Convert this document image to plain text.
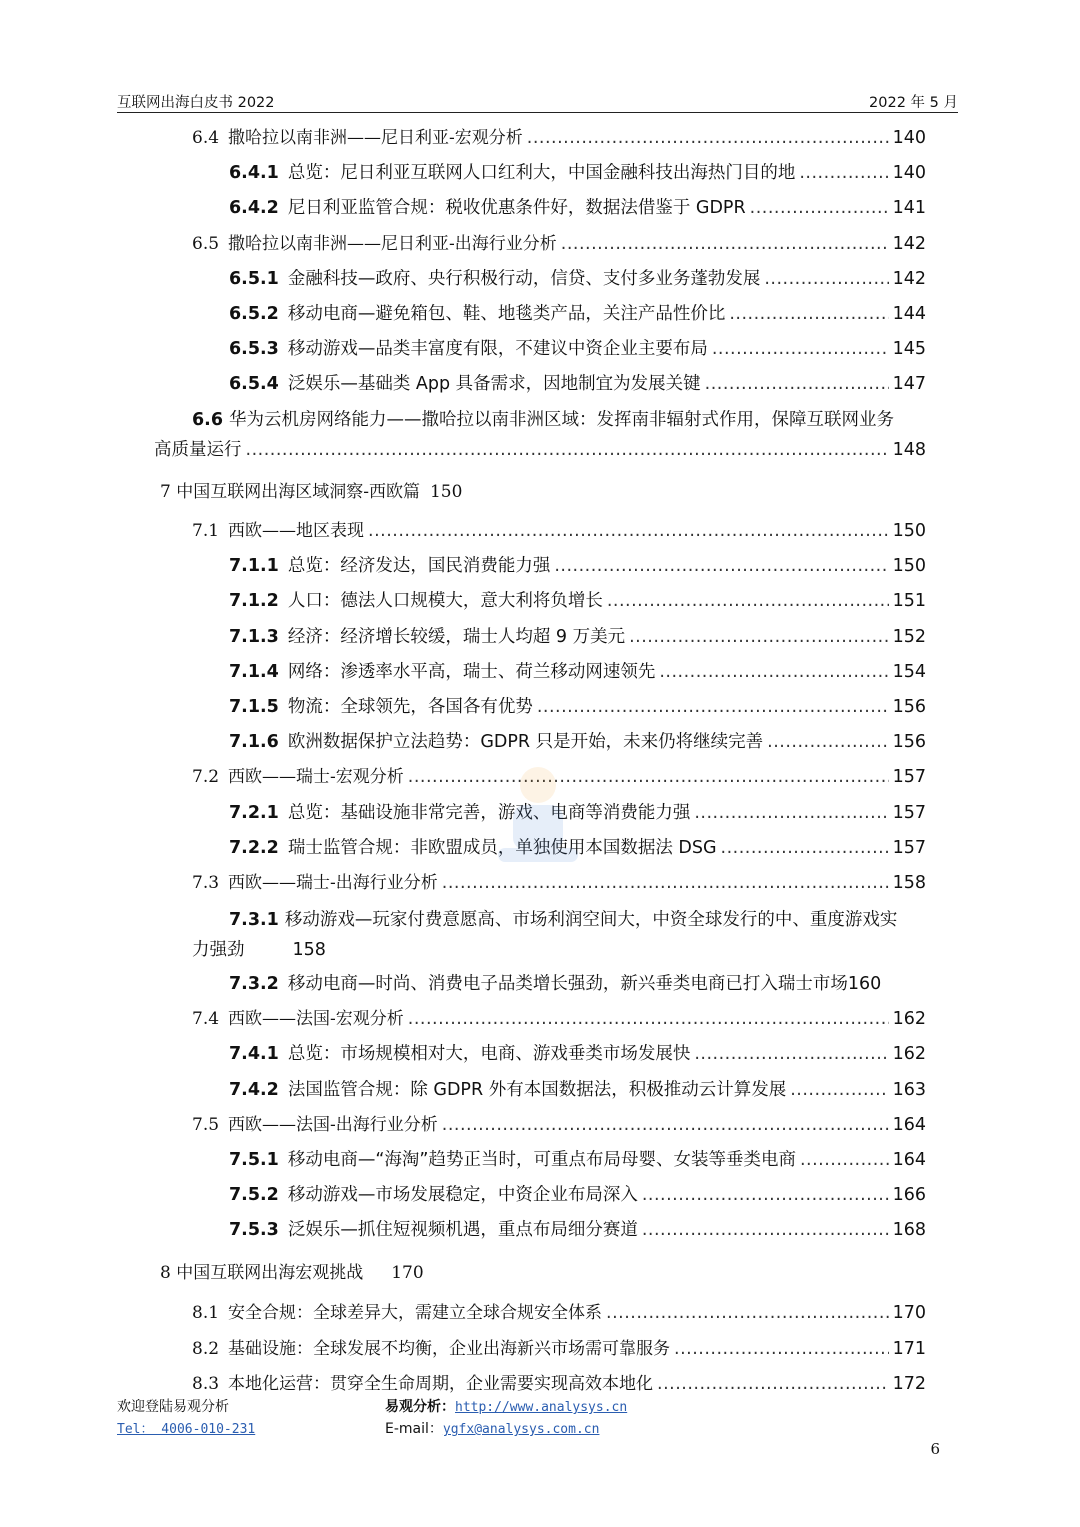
互联网出海白皮书 2022	2022 年 5 月
6.4 撒哈拉以南非洲——尼日利亚-宏观分析 .....	140
6.4.1 总览：尼日利亚互联网人口红利大，中国金融科技出海热门目的地 .....	140
6.4.2 尼日利亚监管合规：税收优惠条件好，数据法借鉴于 GDPR .....	141
6.5 撒哈拉以南非洲——尼日利亚-出海行业分析 .....	142
6.5.1 金融科技—政府、央行积极行动，信贷、支付多业务蓬勃发展 .....	142
6.5.2 移动电商—避免箱包、鞋、地毯类产品，关注产品性价比 .....	144
6.5.3 移动游戏—品类丰富度有限，不建议中资企业主要布局 .....	145
6.5.4 泛娱乐—基础类 App 具备需求，因地制宜为发展关键 .....	147
7.1 西欧——地区表现 .....	150
7.1.1 总览：经济发达，国民消费能力强 .....	150
7.1.2 人口：德法人口规模大，意大利将负增长 .....	151
7.1.3 经济：经济增长较缓，瑞士人均超 9 万美元 .....	152
7.1.4 网络：渗透率水平高，瑞士、荷兰移动网速领先 .....	154
7.1.5 物流：全球领先，各国各有优势 .....	156
7.1.6 欧洲数据保护立法趋势：GDPR 只是开始，未来仍将继续完善 .....	156
7.2 西欧——瑞士-宏观分析 .....	157
7.2.1 总览：基础设施非常完善，游戏、电商等消费能力强 .....	157
7.2.2 瑞士监管合规：非欧盟成员，单独使用本国数据法 DSG .....	157
7.3 西欧——瑞士-出海行业分析 .....	158
7.3.2 移动电商—时尚、消费电子品类增长强劲，新兴垂类电商已打入瑞士市场 160
7.4 西欧——法国-宏观分析 .....	162
7.4.1 总览：市场规模相对大，电商、游戏垂类市场发展快 .....	162
7.4.2 法国监管合规：除 GDPR 外有本国数据法，积极推动云计算发展 .....	163
7.5 西欧——法国-出海行业分析 .....	164
7.5.1 移动电商—“海淘”趋势正当时，可重点布局母婴、女装等垂类电商 .....	164
7.5.2 移动游戏—市场发展稳定，中资企业布局深入 .....	166
7.5.3 泛娱乐—抓住短视频机遇，重点布局细分赛道 .....	168
8.1 安全合规：全球差异大，需建立全球合规安全体系 .....	170
8.2 基础设施：全球发展不均衡，企业出海新兴市场需可靠服务 .....	171
8.3 本地化运营：贯穿全生命周期，企业需要实现高效本地化 .....	172
6.6 华为云机房网络能力——撒哈拉以南非洲区域：发挥南非辐射式作用，保障互联网业务
高质量运行 .....	148
7 中国互联网出海区域洞察-西欧篇 150
7.3.1 移动游戏—玩家付费意愿高、市场利润空间大，中资全球发行的中、重度游戏实
力强劲	158
8 中国互联网出海宏观挑战 170
欢迎登陆易观分析
Tel： 4006-010-231
易观分析：http://www.analysys.cn
E-mail：ygfx@analysys.com.cn
6
